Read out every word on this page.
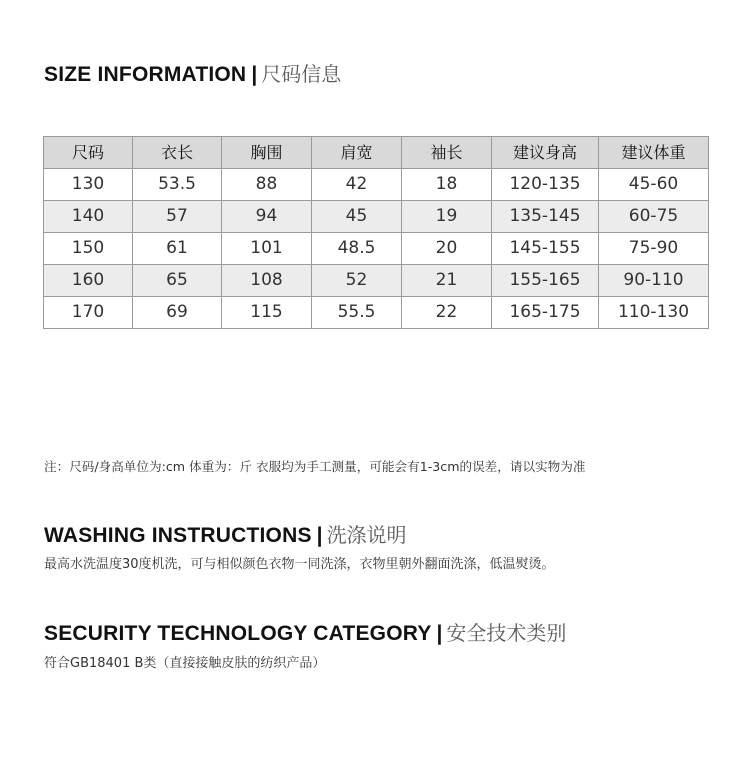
SIZE INFORMATION | 尺码信息
尺码	衣长	胸围	肩宽	袖长	建议身高	建议体重
130	53.5	88	42	18	120-135	45-60
140	57	94	45	19	135-145	60-75
150	61	101	48.5	20	145-155	75-90
160	65	108	52	21	155-165	90-110
170	69	115	55.5	22	165-175	110-130

注：尺码/身高单位为:cm 体重为：斤 衣服均为手工测量，可能会有1-3cm的误差，请以实物为准

WASHING INSTRUCTIONS | 洗涤说明

最高水洗温度30度机洗，可与相似颜色衣物一同洗涤，衣物里朝外翻面洗涤，低温熨烫。

SECURITY TECHNOLOGY CATEGORY | 安全技术类别

符合GB18401 B类（直接接触皮肤的纺织产品）
